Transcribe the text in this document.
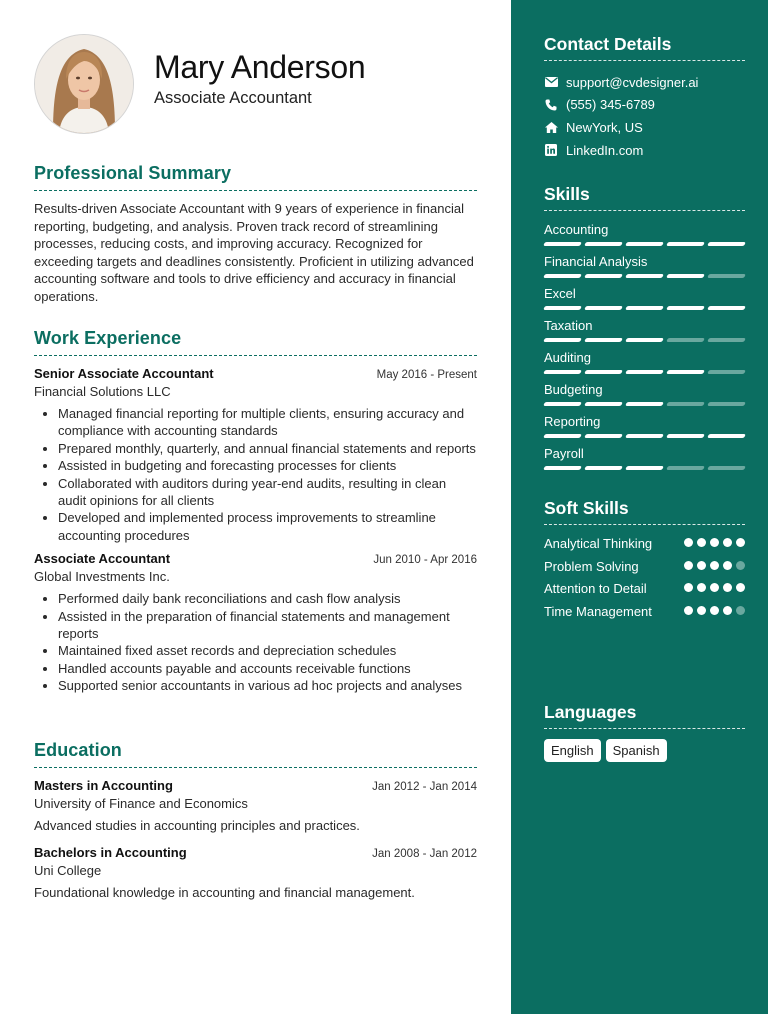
Mary Anderson
Associate Accountant
Professional Summary

Results-driven Associate Accountant with 9 years of experience in financial reporting, budgeting, and analysis. Proven track record of streamlining processes, reducing costs, and improving accuracy. Recognized for exceeding targets and deadlines consistently. Proficient in utilizing advanced accounting software and tools to drive efficiency and accuracy in financial operations.

Work Experience
Senior Associate Accountant	May 2016 - Present
Financial Solutions LLC
• Managed financial reporting for multiple clients, ensuring accuracy and compliance with accounting standards
• Prepared monthly, quarterly, and annual financial statements and reports
• Assisted in budgeting and forecasting processes for clients
• Collaborated with auditors during year-end audits, resulting in clean audit opinions for all clients
• Developed and implemented process improvements to streamline accounting procedures
Associate Accountant	Jun 2010 - Apr 2016
Global Investments Inc.
• Performed daily bank reconciliations and cash flow analysis
• Assisted in the preparation of financial statements and management reports
• Maintained fixed asset records and depreciation schedules
• Handled accounts payable and accounts receivable functions
• Supported senior accountants in various ad hoc projects and analyses
Education
Masters in Accounting	Jan 2012 - Jan 2014
University of Finance and Economics
Advanced studies in accounting principles and practices.
Bachelors in Accounting	Jan 2008 - Jan 2012
Uni College
Foundational knowledge in accounting and financial management.
Contact Details
support@cvdesigner.ai
(555) 345-6789
NewYork, US
LinkedIn.com
Skills
Accounting
Financial Analysis
Excel
Taxation
Auditing
Budgeting
Reporting
Payroll
Soft Skills
Analytical Thinking
Problem Solving
Attention to Detail
Time Management
Languages
English	Spanish
